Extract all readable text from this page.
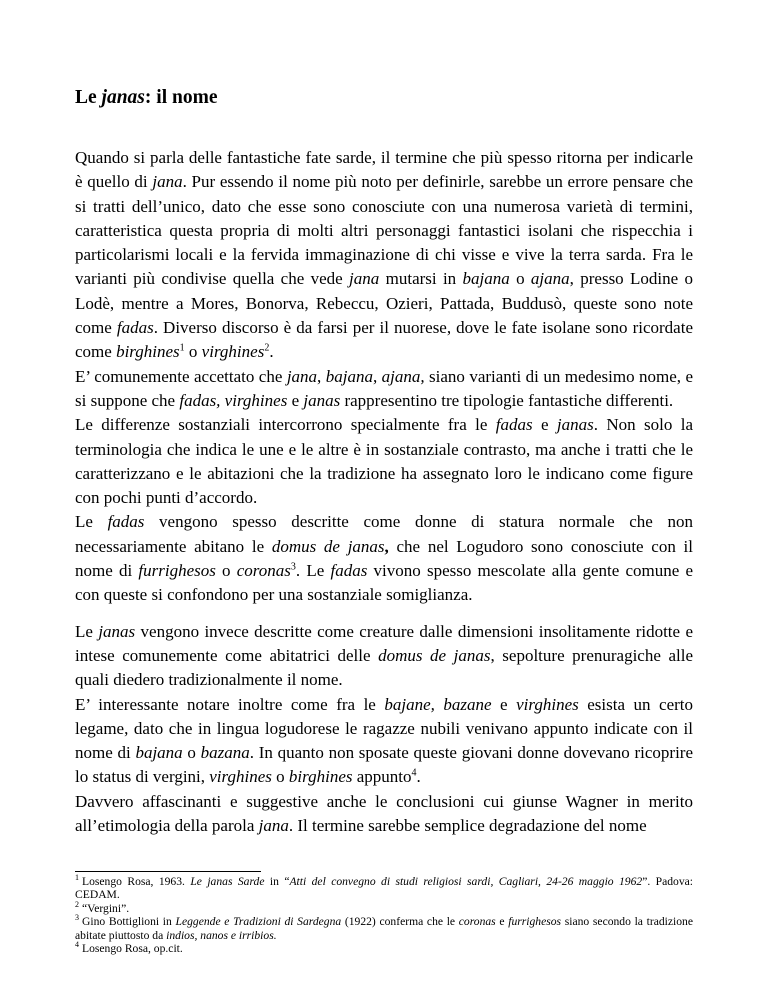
Le janas: il nome

Quando si parla delle fantastiche fate sarde, il termine che più spesso ritorna per indicarle è quello di jana. Pur essendo il nome più noto per definirle, sarebbe un errore pensare che si tratti dell’unico, dato che esse sono conosciute con una numerosa varietà di termini, caratteristica questa propria di molti altri personaggi fantastici isolani che rispecchia i particolarismi locali e la fervida immaginazione di chi visse e vive la terra sarda. Fra le varianti più condivise quella che vede jana mutarsi in bajana o ajana, presso Lodine o Lodè, mentre a Mores, Bonorva, Rebeccu, Ozieri, Pattada, Buddusò, queste sono note come fadas. Diverso discorso è da farsi per il nuorese, dove le fate isolane sono ricordate come birghines$^1$ o virghines$^2$.

E’ comunemente accettato che jana, bajana, ajana, siano varianti di un medesimo nome, e si suppone che fadas, virghines e janas rappresentino tre tipologie fantastiche differenti.

Le differenze sostanziali intercorrono specialmente fra le fadas e janas. Non solo la terminologia che indica le une e le altre è in sostanziale contrasto, ma anche i tratti che le caratterizzano e le abitazioni che la tradizione ha assegnato loro le indicano come figure con pochi punti d’accordo.

Le fadas vengono spesso descritte come donne di statura normale che non necessariamente abitano le domus de janas, che nel Logudoro sono conosciute con il nome di furrighesos o coronas$^3$. Le fadas vivono spesso mescolate alla gente comune e con queste si confondono per una sostanziale somiglianza.

Le janas vengono invece descritte come creature dalle dimensioni insolitamente ridotte e intese comunemente come abitatrici delle domus de janas, sepolture prenuragiche alle quali diedero tradizionalmente il nome.

E’ interessante notare inoltre come fra le bajane, bazane e virghines esista un certo legame, dato che in lingua logudorese le ragazze nubili venivano appunto indicate con il nome di bajana o bazana. In quanto non sposate queste giovani donne dovevano ricoprire lo status di vergini, virghines o birghines appunto$^4$.

Davvero affascinanti e suggestive anche le conclusioni cui giunse Wagner in merito all’etimologia della parola jana. Il termine sarebbe semplice degradazione del nome

$^1$ Losengo Rosa, 1963. Le janas Sarde in “Atti del convegno di studi religiosi sardi, Cagliari, 24-26 maggio 1962”. Padova: CEDAM.

$^2$ “Vergini”.

$^3$ Gino Bottiglioni in Leggende e Tradizioni di Sardegna (1922) conferma che le coronas e furrighesos siano secondo la tradizione abitate piuttosto da indios, nanos e irribios.

$^4$ Losengo Rosa, op.cit.
